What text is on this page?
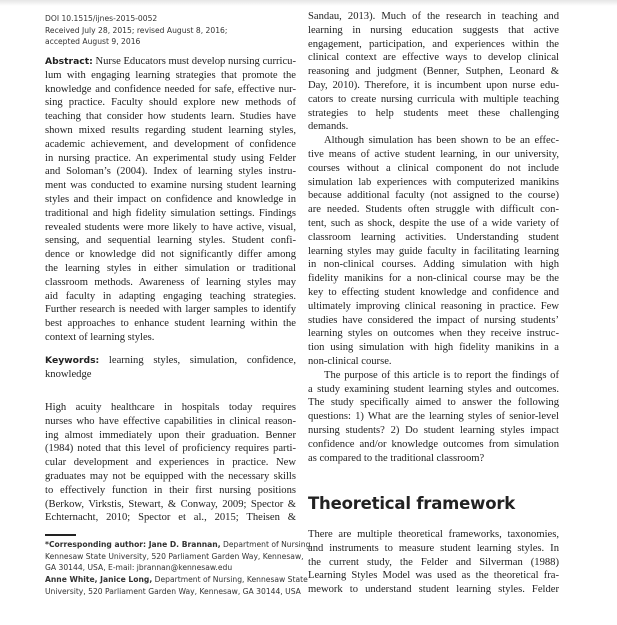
DOI 10.1515/ijnes-2015-0052
Received July 28, 2015; revised August 8, 2016;
accepted August 9, 2016
Abstract: Nurse Educators must develop nursing curricu-
lum with engaging learning strategies that promote the
knowledge and confidence needed for safe, effective nur-
sing practice. Faculty should explore new methods of
teaching that consider how students learn. Studies have
shown mixed results regarding student learning styles,
academic achievement, and development of confidence
in nursing practice. An experimental study using Felder
and Soloman’s (2004). Index of learning styles instru-
ment was conducted to examine nursing student learning
styles and their impact on confidence and knowledge in
traditional and high fidelity simulation settings. Findings
revealed students were more likely to have active, visual,
sensing, and sequential learning styles. Student confi-
dence or knowledge did not significantly differ among
the learning styles in either simulation or traditional
classroom methods. Awareness of learning styles may
aid faculty in adapting engaging teaching strategies.
Further research is needed with larger samples to identify
best approaches to enhance student learning within the
context of learning styles.
Keywords: learning styles, simulation, confidence,
knowledge
High acuity healthcare in hospitals today requires
nurses who have effective capabilities in clinical reason-
ing almost immediately upon their graduation. Benner
(1984) noted that this level of proficiency requires parti-
cular development and experiences in practice. New
graduates may not be equipped with the necessary skills
to effectively function in their first nursing positions
(Berkow, Virkstis, Stewart, & Conway, 2009; Spector &
Echternacht, 2010; Spector et al., 2015; Theisen &
*Corresponding author: Jane D. Brannan, Department of Nursing,
Kennesaw State University, 520 Parliament Garden Way, Kennesaw,
GA 30144, USA, E-mail: jbrannan@kennesaw.edu
Anne White, Janice Long, Department of Nursing, Kennesaw State
University, 520 Parliament Garden Way, Kennesaw, GA 30144, USA
Sandau, 2013). Much of the research in teaching and
learning in nursing education suggests that active
engagement, participation, and experiences within the
clinical context are effective ways to develop clinical
reasoning and judgment (Benner, Sutphen, Leonard &
Day, 2010). Therefore, it is incumbent upon nurse edu-
cators to create nursing curricula with multiple teaching
strategies to help students meet these challenging
demands.
Although simulation has been shown to be an effec-
tive means of active student learning, in our university,
courses without a clinical component do not include
simulation lab experiences with computerized manikins
because additional faculty (not assigned to the course)
are needed. Students often struggle with difficult con-
tent, such as shock, despite the use of a wide variety of
classroom learning activities. Understanding student
learning styles may guide faculty in facilitating learning
in non-clinical courses. Adding simulation with high
fidelity manikins for a non-clinical course may be the
key to effecting student knowledge and confidence and
ultimately improving clinical reasoning in practice. Few
studies have considered the impact of nursing students’
learning styles on outcomes when they receive instruc-
tion using simulation with high fidelity manikins in a
non-clinical course.
The purpose of this article is to report the findings of
a study examining student learning styles and outcomes.
The study specifically aimed to answer the following
questions: 1) What are the learning styles of senior-level
nursing students? 2) Do student learning styles impact
confidence and/or knowledge outcomes from simulation
as compared to the traditional classroom?
Theoretical framework
There are multiple theoretical frameworks, taxonomies,
and instruments to measure student learning styles. In
the current study, the Felder and Silverman (1988)
Learning Styles Model was used as the theoretical fra-
mework to understand student learning styles. Felder
